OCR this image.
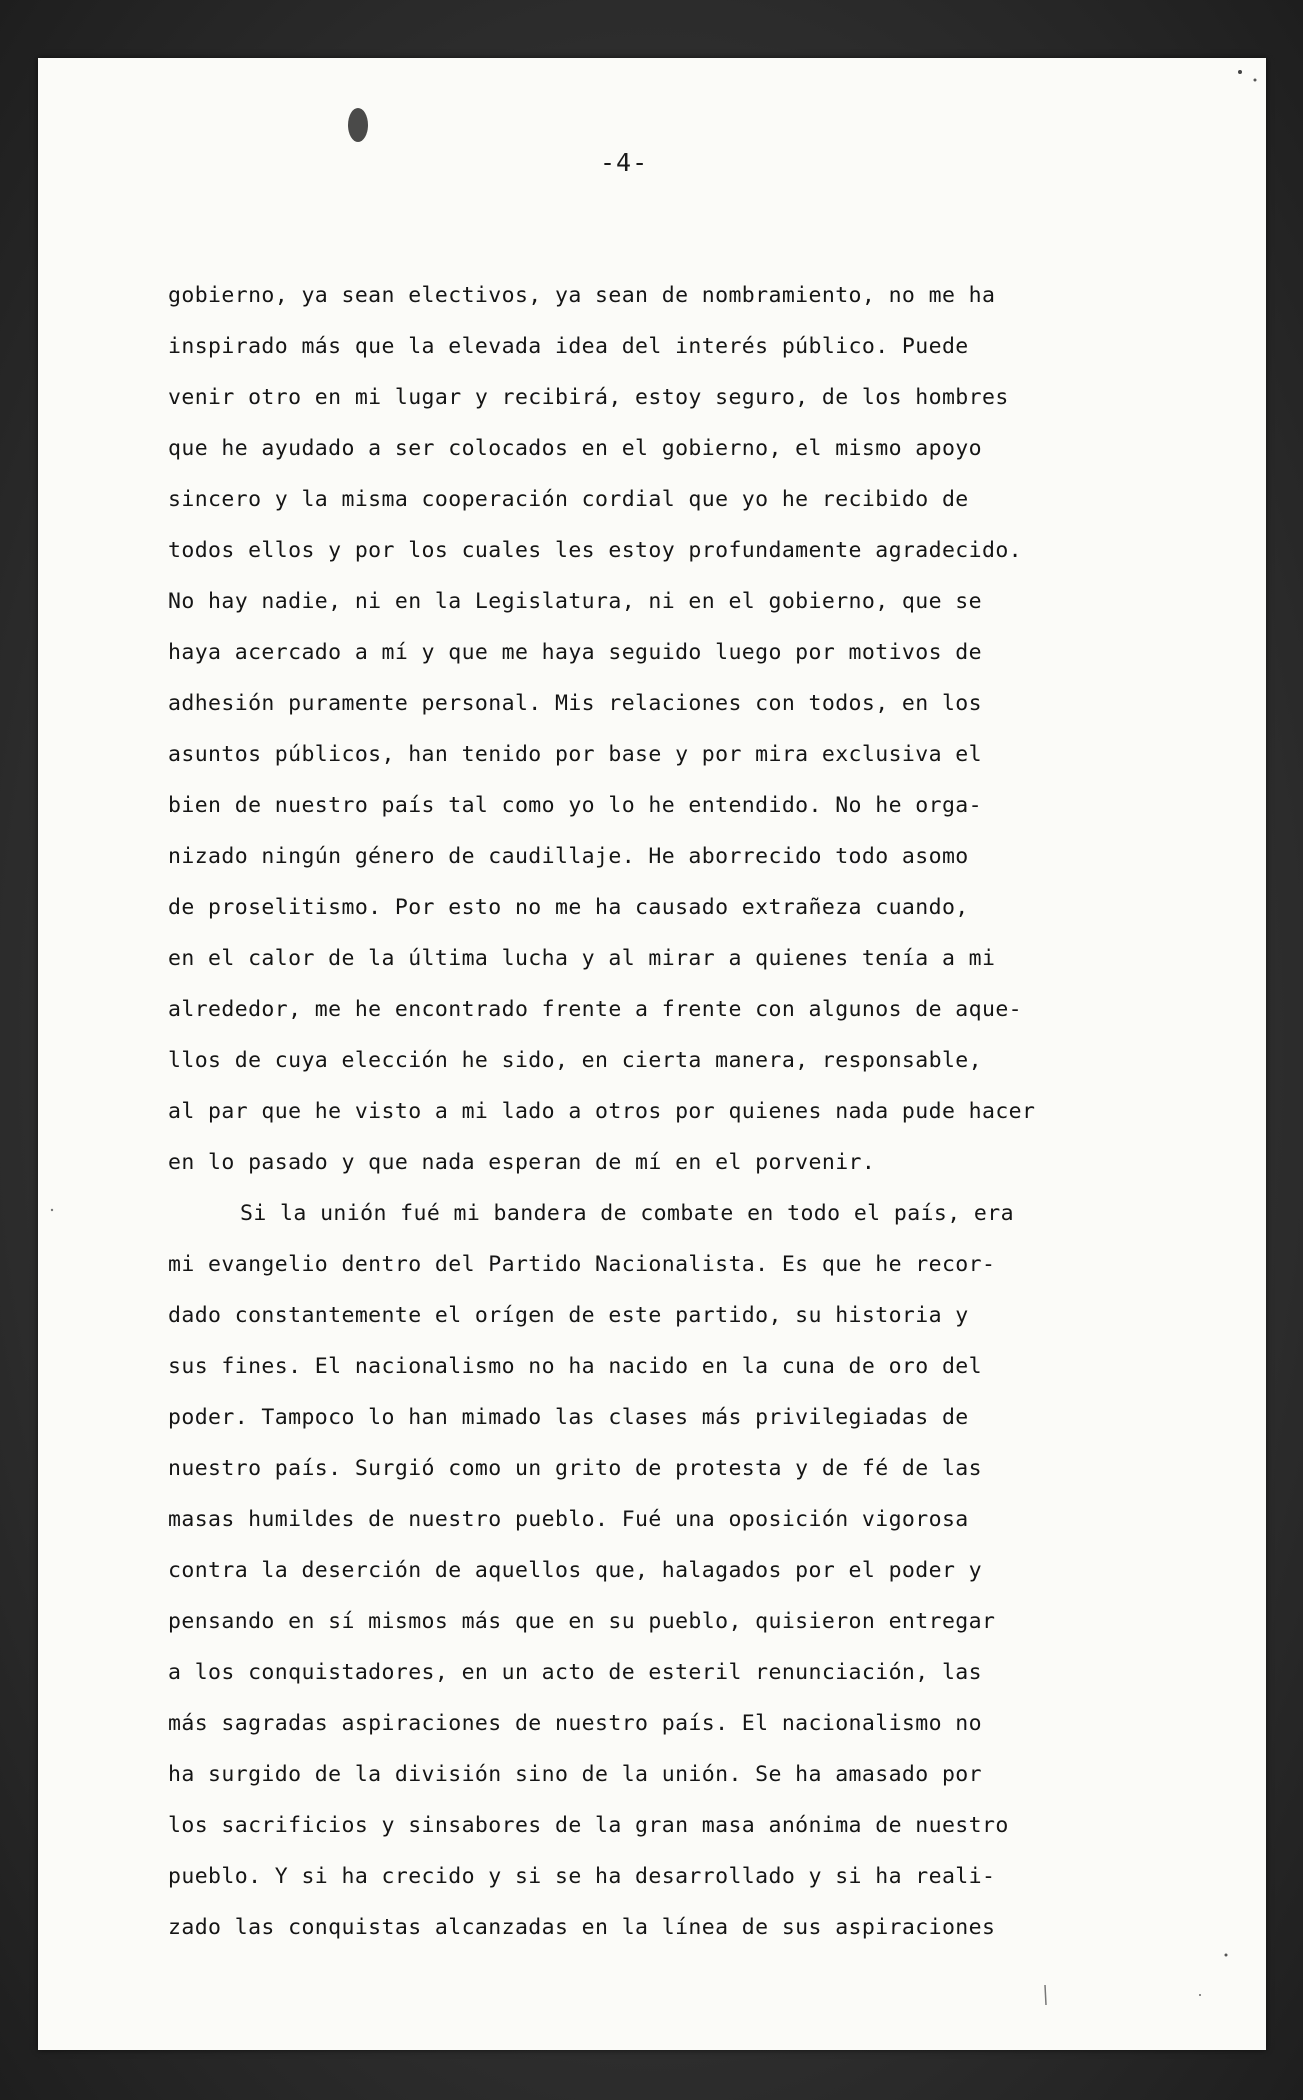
-4-
gobierno, ya sean electivos, ya sean de nombramiento, no me ha
inspirado más que la elevada idea del interés público. Puede
venir otro en mi lugar y recibirá, estoy seguro, de los hombres
que he ayudado a ser colocados en el gobierno, el mismo apoyo
sincero y la misma cooperación cordial que yo he recibido de
todos ellos y por los cuales les estoy profundamente agradecido.
No hay nadie, ni en la Legislatura, ni en el gobierno, que se
haya acercado a mí y que me haya seguido luego por motivos de
adhesión puramente personal. Mis relaciones con todos, en los
asuntos públicos, han tenido por base y por mira exclusiva el
bien de nuestro país tal como yo lo he entendido. No he orga-
nizado ningún género de caudillaje. He aborrecido todo asomo
de proselitismo. Por esto no me ha causado extrañeza cuando,
en el calor de la última lucha y al mirar a quienes tenía a mi
alrededor, me he encontrado frente a frente con algunos de aque-
llos de cuya elección he sido, en cierta manera, responsable,
al par que he visto a mi lado a otros por quienes nada pude hacer
en lo pasado y que nada esperan de mí en el porvenir.
Si la unión fué mi bandera de combate en todo el país, era
mi evangelio dentro del Partido Nacionalista. Es que he recor-
dado constantemente el orígen de este partido, su historia y
sus fines. El nacionalismo no ha nacido en la cuna de oro del
poder. Tampoco lo han mimado las clases más privilegiadas de
nuestro país. Surgió como un grito de protesta y de fé de las
masas humildes de nuestro pueblo. Fué una oposición vigorosa
contra la deserción de aquellos que, halagados por el poder y
pensando en sí mismos más que en su pueblo, quisieron entregar
a los conquistadores, en un acto de esteril renunciación, las
más sagradas aspiraciones de nuestro país. El nacionalismo no
ha surgido de la división sino de la unión. Se ha amasado por
los sacrificios y sinsabores de la gran masa anónima de nuestro
pueblo. Y si ha crecido y si se ha desarrollado y si ha reali-
zado las conquistas alcanzadas en la línea de sus aspiraciones
